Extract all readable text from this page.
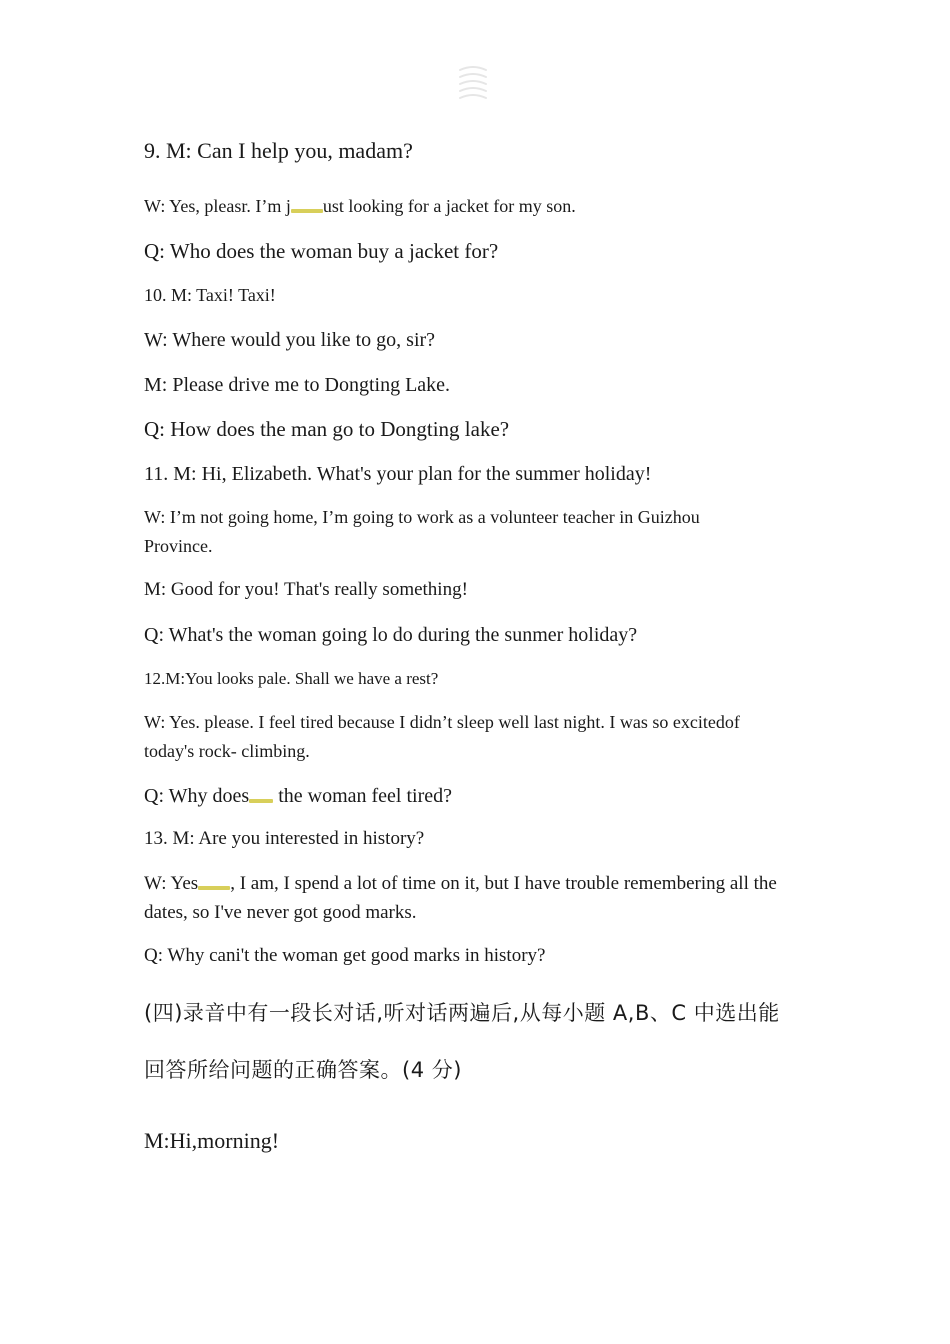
9. M: Can I help you, madam?
W: Yes, pleasr. I’m j ust looking for a jacket for my son.
Q: Who does the woman buy a jacket for?
10. M: Taxi! Taxi!
W: Where would you like to go, sir?
M: Please drive me to Dongting Lake.
Q: How does the man go to Dongting lake?
11. M: Hi, Elizabeth. What's your plan for the summer holiday!
W: I’m not going home, I’m going to work as a volunteer teacher in Guizhou Province.
M: Good for you! That's really something!
Q: What's the woman going lo do during the sunmer holiday?
12.M:You looks pale. Shall we have a rest?
W: Yes. please. I feel tired because I didn’t sleep well last night. I was so excitedof today's rock- climbing.
Q: Why does the woman feel tired?
13. M: Are you interested in history?
W: Yes , I am, I spend a lot of time on it, but I have trouble remembering all the dates, so I've never got good marks.
Q: Why cani't the woman get good marks in history?
(四)录音中有一段长对话,听对话两遍后,从每小题 A,B、C 中选出能
回答所给问题的正确答案。(4 分)
M:Hi,morning!
